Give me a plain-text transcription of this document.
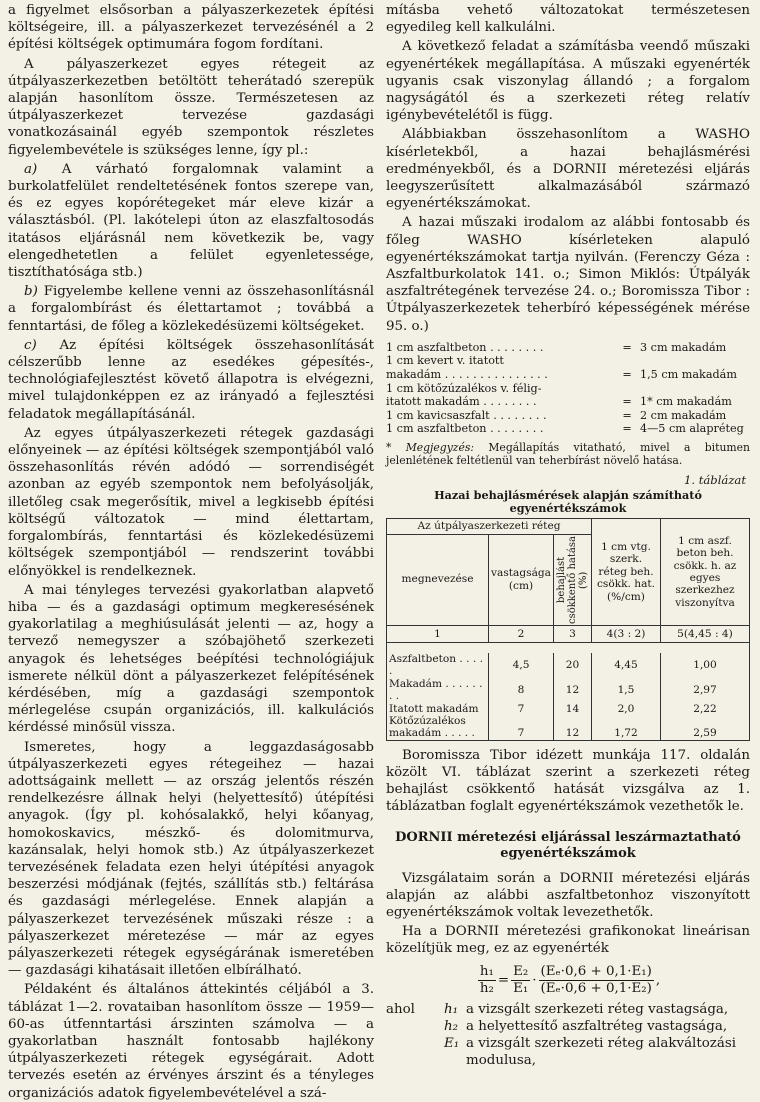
a figyelmet elsősorban a pályaszerkezetek építési költségeire, ill. a pályaszerkezet tervezésénél a 2 építési költségek optimumára fogom fordítani.

A pályaszerkezet egyes rétegeit az útpályaszerkezetben betöltött teherátadó szerepük alapján hasonlítom össze. Természetesen az útpályaszerkezet tervezése gazdasági vonatkozásainál egyéb szempontok részletes figyelembevétele is szükséges lenne, így pl.:

a) A várható forgalomnak valamint a burkolatfelület rendeltetésének fontos szerepe van, és ez egyes kopórétegeket már eleve kizár a választásból. (Pl. lakótelepi úton az elaszfaltosodás itatásos eljárásnál nem következik be, vagy elengedhetetlen a felület egyenletessége, tisztíthatósága stb.)

b) Figyelembe kellene venni az összehasonlításnál a forgalombírást és élettartamot ; továbbá a fenntartási, de főleg a közlekedésüzemi költségeket.

c) Az építési költségek összehasonlítását célszerűbb lenne az esedékes gépesítés-, technológiafejlesztést követő állapotra is elvégezni, mivel tulajdonképpen ez az irányadó a fejlesztési feladatok megállapításánál.

Az egyes útpályaszerkezeti rétegek gazdasági előnyeinek — az építési költségek szempontjából való összehasonlítás révén adódó — sorrendiségét azonban az egyéb szempontok nem befolyásolják, illetőleg csak megerősítik, mivel a legkisebb építési költségű változatok — mind élettartam, forgalombírás, fenntartási és közlekedésüzemi költségek szempontjából — rendszerint további előnyökkel is rendelkeznek.

A mai tényleges tervezési gyakorlatban alapvető hiba — és a gazdasági optimum megkeresésének gyakorlatilag a meghiúsulását jelenti — az, hogy a tervező nemegyszer a szóbajöhető szerkezeti anyagok és lehetséges beépítési technológiájuk ismerete nélkül dönt a pályaszerkezet felépítésének kérdésében, míg a gazdasági szempontok mérlegelése csupán organizációs, ill. kalkulációs kérdéssé minősül vissza.

Ismeretes, hogy a leggazdaságosabb útpályaszerkezeti egyes rétegeihez — hazai adottságaink mellett — az ország jelentős részén rendelkezésre állnak helyi (helyettesítő) útépítési anyagok. (Így pl. kohósalakkő, helyi kőanyag, homokoskavics, mészkő- és dolomitmurva, kazánsalak, helyi homok stb.) Az útpályaszerkezet tervezésének feladata ezen helyi útépítési anyagok beszerzési módjának (fejtés, szállítás stb.) feltárása és gazdasági mérlegelése. Ennek alapján a pályaszerkezet tervezésének műszaki része : a pályaszerkezet méretezése — már az egyes pályaszerkezeti rétegek egységárának ismeretében — gazdasági kihatásait illetően elbírálható.

Példaként és általános áttekintés céljából a 3. táblázat 1—2. rovataiban hasonlítom össze — 1959—60-as útfenntartási árszinten számolva — a gyakorlatban használt fontosabb hajlékony útpályaszerkezeti rétegek egységárait. Adott tervezés esetén az érvényes árszint és a tényleges organizációs adatok figyelembevételével a szá-

mításba vehető változatokat természetesen egyedileg kell kalkulálni.

A következő feladat a számításba veendő műszaki egyenértékek megállapítása. A műszaki egyenérték ugyanis csak viszonylag állandó ; a forgalom nagyságától és a szerkezeti réteg relatív igénybevételétől is függ.

Alábbiakban összehasonlítom a WASHO kísérletekből, a hazai behajlásmérési eredményekből, és a DORNII méretezési eljárás leegyszerűsített alkalmazásából származó egyenértékszámokat.

A hazai műszaki irodalom az alábbi fontosabb és főleg WASHO kísérleteken alapuló egyenértékszámokat tartja nyilván. (Ferenczy Géza : Aszfaltburkolatok 141. o.; Simon Miklós: Útpályák aszfaltrétegének tervezése 24. o.; Boromissza Tibor : Útpályaszerkezetek teherbíró képességének mérése 95. o.)

1 cm aszfaltbeton . . . . . . . .	=	3 cm makadám
1 cm kevert v. itatott		
makadám . . . . . . . . . . . . . . .	=	1,5 cm makadám
1 cm kötőzúzalékos v. félig-		
itatott makadám . . . . . . . .	=	1* cm makadám
1 cm kavicsaszfalt . . . . . . . .	=	2 cm makadám
1 cm aszfaltbeton . . . . . . . .	=	4—5 cm alapréteg
* Megjegyzés: Megállapítás vitatható, mivel a bitumen jelenlétének feltétlenül van teherbírást növelő hatása.
1. táblázat
Hazai behajlásmérések alapján számítható egyenértékszámok
Az útpályaszerkezeti réteg			1 cm vtg. szerk. réteg beh. csökk. hat. (%/cm)	1 cm aszf. beton beh. csökk. h. az egyes szerkezhez viszonyítva
megnevezése	vastagsága (cm)	behajlást csökkentő hatása (%)		

1	2	3	4(3 : 2)	5(4,45 : 4)

Aszfaltbeton . . . . .	4,5	20	4,45	1,00
Makadám . . . . . . . .	8	12	1,5	2,97
Itatott makadám	7	14	2,0	2,22
Kötőzúzalékos				
makadám . . . . .	7	12	1,72	2,59

Boromissza Tibor idézett munkája 117. oldalán közölt VI. táblázat szerint a szerkezeti réteg behajlást csökkentő hatását vizsgálva az 1. táblázatban foglalt egyenértékszámok vezethetők le.

DORNII méretezési eljárással leszármaztatható egyenértékszámok

Vizsgálataim során a DORNII méretezési eljárás alapján az alábbi aszfaltbetonhoz viszonyított egyenértékszámok voltak levezethetők.

Ha a DORNII méretezési grafikonokat lineárisan közelítjük meg, ez az egyenérték

$\frac{\text{h₁}}{\text{h₂}} = \frac{\text{E₂}}{\text{E₁}} \cdot \frac{\text{(Eₑ·0,6 + 0,1·E₁)}}{\text{(Eₑ·0,6 + 0,1·E₂)}}$ ,
ahol	h₁ a vizsgált szerkezeti réteg vastagsága,
h₂ a helyettesítő aszfaltréteg vastagsága,
E₁ a vizsgált szerkezeti réteg alakváltozási
modulusa,
